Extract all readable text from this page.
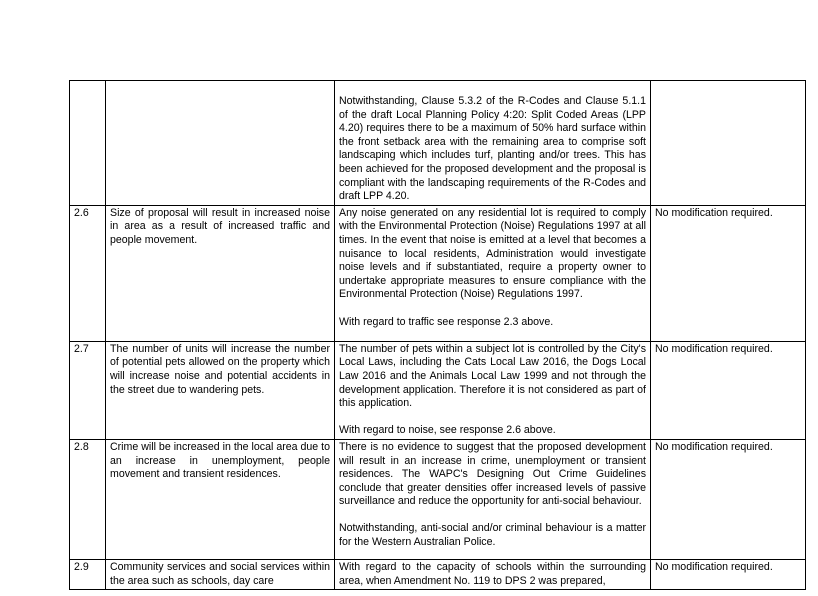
		Notwithstanding, Clause 5.3.2 of the R-Codes and Clause 5.1.1 of the draft Local Planning Policy 4:20: Split Coded Areas (LPP 4.20) requires there to be a maximum of 50% hard surface within the front setback area with the remaining area to comprise soft landscaping which includes turf, planting and/or trees. This has been achieved for the proposed development and the proposal is compliant with the landscaping requirements of the R-Codes and draft LPP 4.20.	

2.6	Size of proposal will result in increased noise in area as a result of increased traffic and people movement.	Any noise generated on any residential lot is required to comply with the Environmental Protection (Noise) Regulations 1997 at all times. In the event that noise is emitted at a level that becomes a nuisance to local residents, Administration would investigate noise levels and if substantiated, require a property owner to undertake appropriate measures to ensure compliance with the Environmental Protection (Noise) Regulations 1997.
With regard to traffic see response 2.3 above.	No modification required.
2.7	The number of units will increase the number of potential pets allowed on the property which will increase noise and potential accidents in the street due to wandering pets.	The number of pets within a subject lot is controlled by the City's Local Laws, including the Cats Local Law 2016, the Dogs Local Law 2016 and the Animals Local Law 1999 and not through the development application. Therefore it is not considered as part of this application.
With regard to noise, see response 2.6 above.	No modification required.
2.8	Crime will be increased in the local area due to an increase in unemployment, people movement and transient residences.	There is no evidence to suggest that the proposed development will result in an increase in crime, unemployment or transient residences. The WAPC's Designing Out Crime Guidelines conclude that greater densities offer increased levels of passive surveillance and reduce the opportunity for anti-social behaviour.
Notwithstanding, anti-social and/or criminal behaviour is a matter for the Western Australian Police.	No modification required.
2.9	Community services and social services within the area such as schools, day care	With regard to the capacity of schools within the surrounding area, when Amendment No. 119 to DPS 2 was prepared,	No modification required.
